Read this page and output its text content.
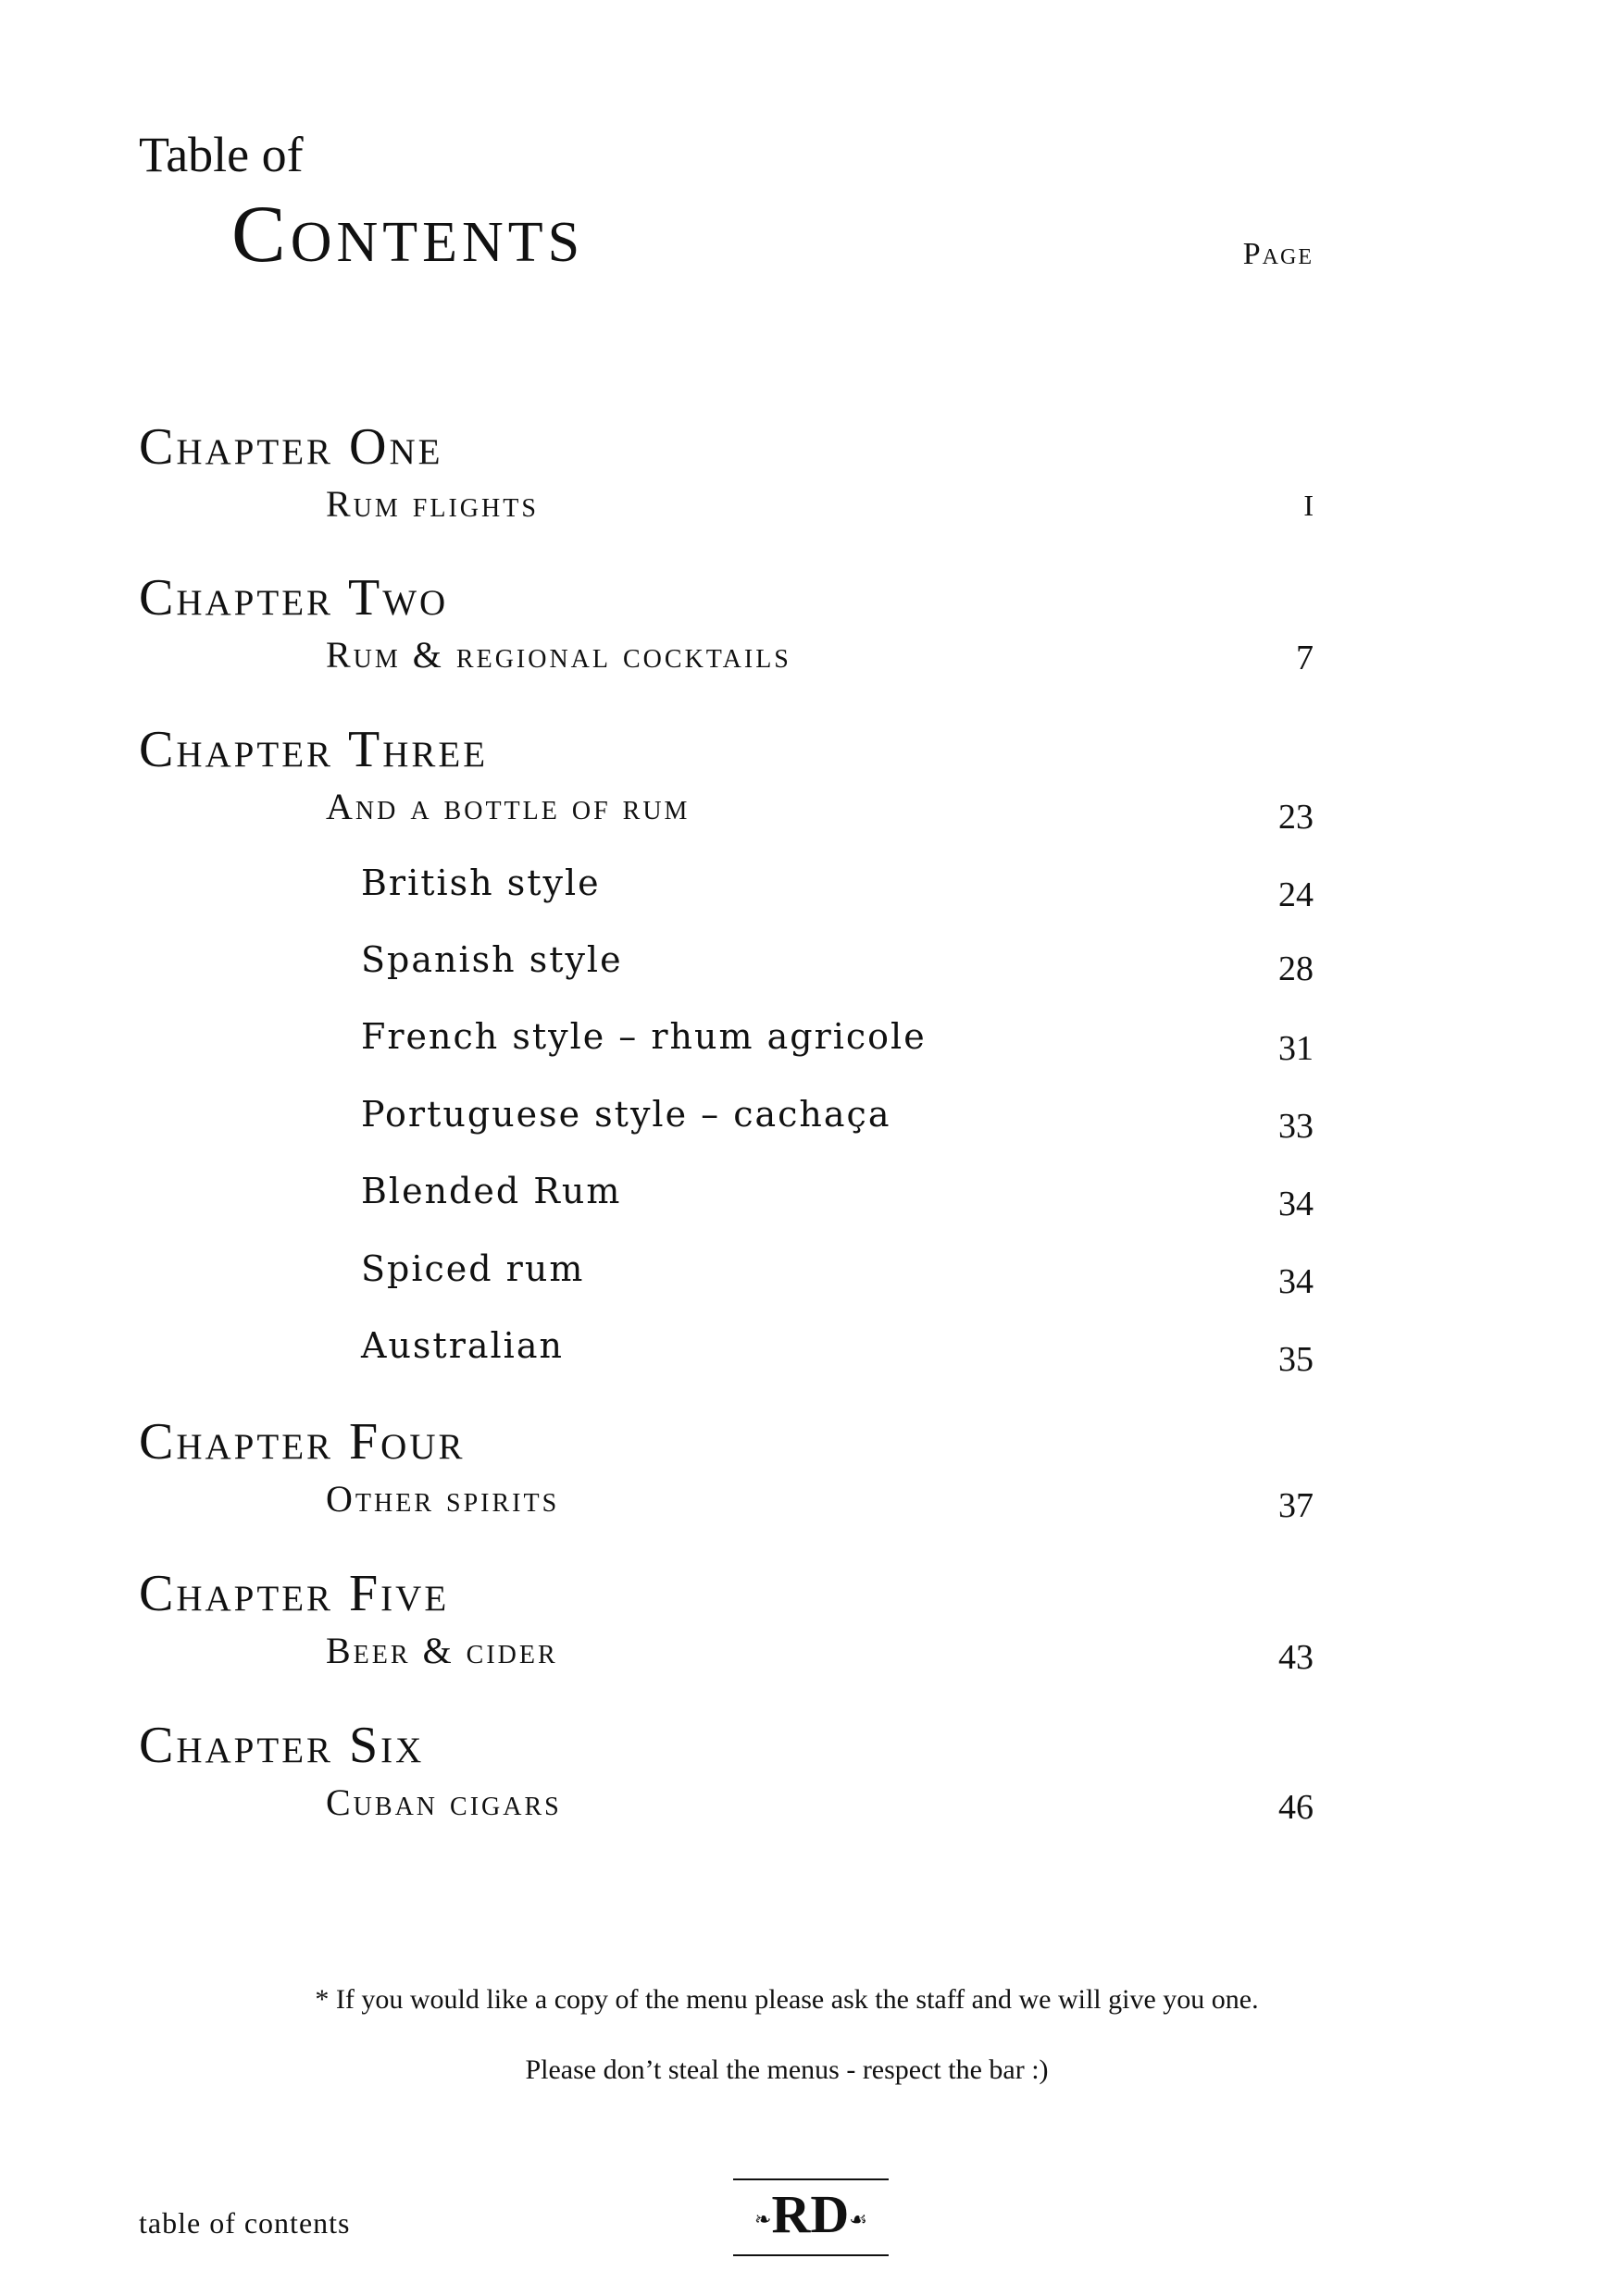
Table of
Contents	Page
Chapter One
Rum flights	I
Chapter Two
Rum & regional cocktails	7
Chapter Three
And a bottle of rum	23
British style	24
Spanish style	28
French style – rhum agricole	31
Portuguese style – cachaça	33
Blended Rum	34
Spiced rum	34
Australian	35
Chapter Four
Other spirits	37
Chapter Five
Beer & cider	43
Chapter Six
Cuban cigars	46
* If you would like a copy of the menu please ask the staff and we will give you one.
Please don’t steal the menus - respect the bar :)
table of contents	❧RD☙
